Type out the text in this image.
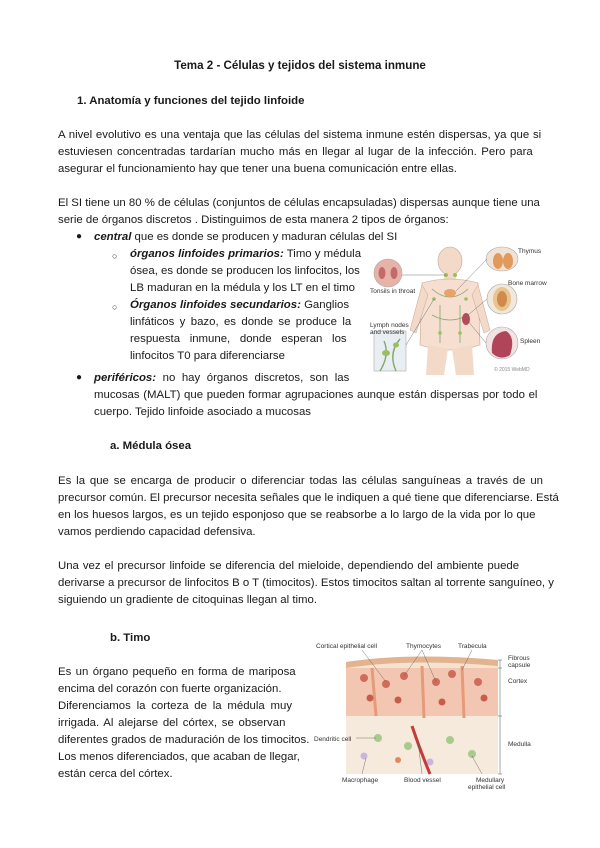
Tema 2 - Células y tejidos del sistema inmune
1. Anatomía y funciones del tejido linfoide
A nivel evolutivo es una ventaja que las células del sistema inmune estén dispersas, ya que si
estuviesen concentradas tardarían mucho más en llegar al lugar de la infección. Pero para
asegurar el funcionamiento hay que tener una buena comunicación entre ellas.
El SI tiene un 80 % de células (conjuntos de células encapsuladas) dispersas aunque tiene una
serie de órganos discretos . Distinguimos de esta manera 2 tipos de órganos:
● central que es donde se producen y maduran células del SI
○ órganos linfoides primarios: Timo y médula
ósea, es donde se producen los linfocitos, los
LB maduran en la médula y los LT en el timo
○ Órganos linfoides secundarios: Ganglios
linfáticos y bazo, es donde se produce la
respuesta inmune, donde esperan los
linfocitos T0 para diferenciarse
● periféricos: no hay órganos discretos, son las
mucosas (MALT) que pueden formar agrupaciones aunque están dispersas por todo el
cuerpo. Tejido linfoide asociado a mucosas
Thymus
Tonsils in throat
Bone marrow
Lymph nodes
and vessels
Spleen
© 2015 WebMD
a. Médula ósea
Es la que se encarga de producir o diferenciar todas las células sanguíneas a través de un
precursor común. El precursor necesita señales que le indiquen a qué tiene que diferenciarse. Está
en los huesos largos, es un tejido esponjoso que se reabsorbe a lo largo de la vida por lo que
vamos perdiendo capacidad defensiva.
Una vez el precursor linfoide se diferencia del mieloide, dependiendo del ambiente puede
derivarse a precursor de linfocitos B o T (timocitos). Estos timocitos saltan al torrente sanguíneo, y
siguiendo un gradiente de citoquinas llegan al timo.
b. Timo
Es un órgano pequeño en forma de mariposa
encima del corazón con fuerte organización.
Diferenciamos la corteza de la médula muy
irrigada. Al alejarse del córtex, se observan
diferentes grados de maduración de los timocitos.
Los menos diferenciados, que acaban de llegar,
están cerca del córtex.
Cortical epithelial cell	Thymocytes	Trabecula
Fibrous
capsule
Cortex
Medulla
Dendritic cell
Macrophage	Blood vessel	Medullary
epithelial cell
